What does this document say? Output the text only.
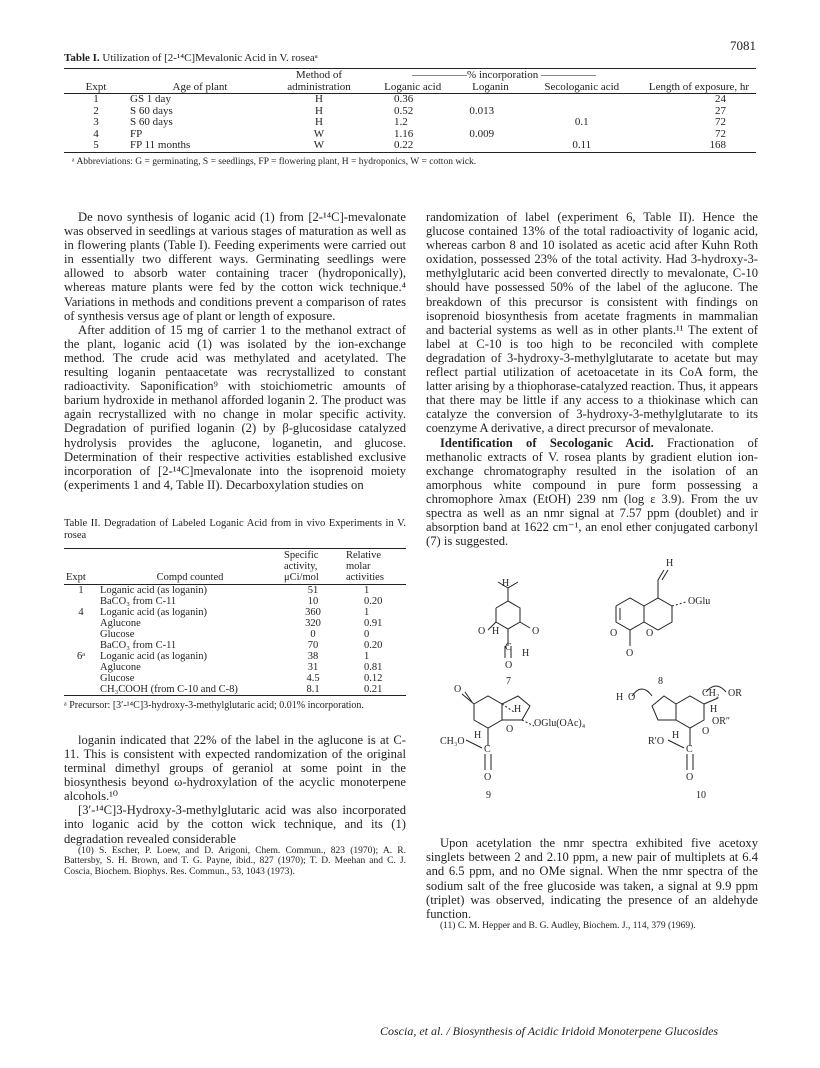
7081
Table I. Utilization of [2-¹⁴C]Mevalonic Acid in V. roseaᵃ
Expt	Age of plant	Method of administration	—————% incorporation —————			Length of exposure, hr
			Loganic acid	Loganin	Secologanic acid	
1	GS 1 day	H	0.36			24
2	S 60 days	H	0.52	0.013		27
3	S 60 days	H	1.2		0.1	72
4	FP	W	1.16	0.009		72
5	FP 11 months	W	0.22		0.11	168
ᵃ Abbreviations: G = germinating, S = seedlings, FP = flowering plant, H = hydroponics, W = cotton wick.

De novo synthesis of loganic acid (1) from [2-¹⁴C]-mevalonate was observed in seedlings at various stages of maturation as well as in flowering plants (Table I). Feeding experiments were carried out in essentially two different ways. Germinating seedlings were allowed to absorb water containing tracer (hydroponically), whereas mature plants were fed by the cotton wick technique.⁴ Variations in methods and conditions prevent a comparison of rates of synthesis versus age of plant or length of exposure.

After addition of 15 mg of carrier 1 to the methanol extract of the plant, loganic acid (1) was isolated by the ion-exchange method. The crude acid was methylated and acetylated. The resulting loganin pentaacetate was recrystallized to constant radioactivity. Saponification⁹ with stoichiometric amounts of barium hydroxide in methanol afforded loganin 2. The product was again recrystallized with no change in molar specific activity. Degradation of purified loganin (2) by β-glucosidase catalyzed hydrolysis provides the aglucone, loganetin, and glucose. Determination of their respective activities established exclusive incorporation of [2-¹⁴C]mevalonate into the isoprenoid moiety (experiments 1 and 4, Table II). Decarboxylation studies on

Table II. Degradation of Labeled Loganic Acid from in vivo Experiments in V. rosea
Expt	Compd counted	Specific activity, μCi/mol	Relative molar activities
1	Loganic acid (as loganin)	51	1
	BaCO₃ from C-11	10	0.20
4	Loganic acid (as loganin)	360	1
	Aglucone	320	0.91
	Glucose	0	0
	BaCO₃ from C-11	70	0.20
6ᵃ	Loganic acid (as loganin)	38	1
	Aglucone	31	0.81
	Glucose	4.5	0.12
	CH₃COOH (from C-10 and C-8)	8.1	0.21
ᵃ Precursor: [3′-¹⁴C]3-hydroxy-3-methylglutaric acid; 0.01% incorporation.

loganin indicated that 22% of the label in the aglucone is at C-11. This is consistent with expected randomization of the original terminal dimethyl groups of geraniol at some point in the biosynthesis beyond ω-hydroxylation of the acyclic monoterpene alcohols.¹⁰

[3′-¹⁴C]3-Hydroxy-3-methylglutaric acid was also incorporated into loganic acid by the cotton wick technique, and its (1) degradation revealed considerable

(10) S. Escher, P. Loew, and D. Arigoni, Chem. Commun., 823 (1970); A. R. Battersby, S. H. Brown, and T. G. Payne, ibid., 827 (1970); T. D. Meehan and C. J. Coscia, Biochem. Biophys. Res. Commun., 53, 1043 (1973).

randomization of label (experiment 6, Table II). Hence the glucose contained 13% of the total radioactivity of loganic acid, whereas carbon 8 and 10 isolated as acetic acid after Kuhn Roth oxidation, possessed 23% of the total activity. Had 3-hydroxy-3-methylglutaric acid been converted directly to mevalonate, C-10 should have possessed 50% of the label of the aglucone. The breakdown of this precursor is consistent with findings on isoprenoid biosynthesis from acetate fragments in mammalian and bacterial systems as well as in other plants.¹¹ The extent of label at C-10 is too high to be reconciled with complete degradation of 3-hydroxy-3-methylglutarate to acetate but may reflect partial utilization of acetoacetate in its CoA form, the latter arising by a thiophorase-catalyzed reaction. Thus, it appears that there may be little if any access to a thiokinase which can catalyze the conversion of 3-hydroxy-3-methylglutarate to its coenzyme A derivative, a direct precursor of mevalonate.

Identification of Secologanic Acid. Fractionation of methanolic extracts of V. rosea plants by gradient elution ion-exchange chromatography resulted in the isolation of an amorphous white compound in pure form possessing a chromophore λmax (EtOH) 239 nm (log ε 3.9). From the uv spectra as well as an nmr signal at 7.57 ppm (doublet) and ir absorption band at 1622 cm⁻¹, an enol ether conjugated carbonyl (7) is suggested.

H
O H	O
C
H
O
7
H
OGlu
O	O
O
8
O
H
OGlu(OAc)₄
H
O
CH₃O
C
O
9
H O	CH₂ OR
H
OR″
H O
R′O
C
O
10

Upon acetylation the nmr spectra exhibited five acetoxy singlets between 2 and 2.10 ppm, a new pair of multiplets at 6.4 and 6.5 ppm, and no OMe signal. When the nmr spectra of the sodium salt of the free glucoside was taken, a signal at 9.9 ppm (triplet) was observed, indicating the presence of an aldehyde function.

(11) C. M. Hepper and B. G. Audley, Biochem. J., 114, 379 (1969).

Coscia, et al. / Biosynthesis of Acidic Iridoid Monoterpene Glucosides
